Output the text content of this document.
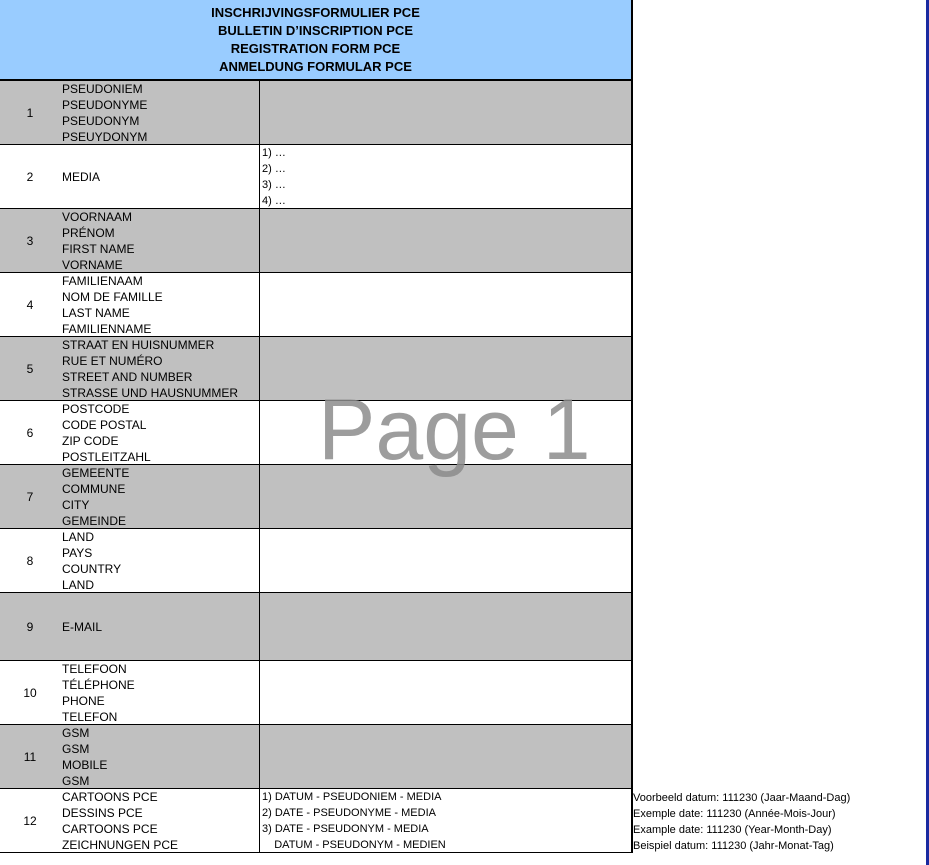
INSCHRIJVINGSFORMULIER PCE
BULLETIN D’INSCRIPTION PCE
REGISTRATION FORM PCE
ANMELDUNG FORMULAR PCE
1
PSEUDONIEM
PSEUDONYME
PSEUDONYM
PSEUYDONYM
2	MEDIA
1) …
2) …
3) …
4) …
3
VOORNAAM
PRÉNOM
FIRST NAME
VORNAME
4
FAMILIENAAM
NOM DE FAMILLE
LAST NAME
FAMILIENNAME
5
STRAAT EN HUISNUMMER
RUE ET NUMÉRO
STREET AND NUMBER
STRASSE UND HAUSNUMMER
6
POSTCODE
CODE POSTAL
ZIP CODE
POSTLEITZAHL
7
GEMEENTE
COMMUNE
CITY
GEMEINDE
8
LAND
PAYS
COUNTRY
LAND
9	E-MAIL
10
TELEFOON
TÉLÉPHONE
PHONE
TELEFON
11
GSM
GSM
MOBILE
GSM
12
CARTOONS PCE
DESSINS PCE
CARTOONS PCE
ZEICHNUNGEN PCE
1) DATUM - PSEUDONIEM - MEDIA
2) DATE - PSEUDONYME - MEDIA
3) DATE - PSEUDONYM - MEDIA
DATUM - PSEUDONYM - MEDIEN
Page 1
Voorbeeld datum: 111230 (Jaar-Maand-Dag)
Exemple date: 111230 (Année-Mois-Jour)
Example date: 111230 (Year-Month-Day)
Beispiel datum: 111230 (Jahr-Monat-Tag)
